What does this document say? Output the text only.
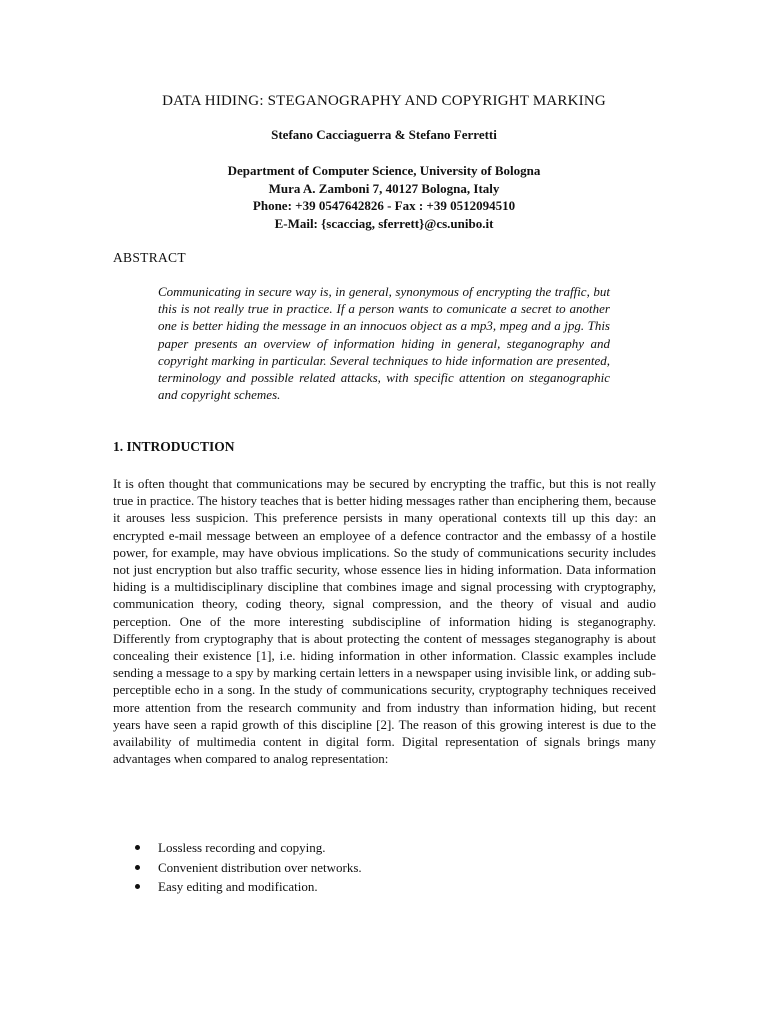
DATA HIDING: STEGANOGRAPHY AND COPYRIGHT MARKING

Stefano Cacciaguerra & Stefano Ferretti

Department of Computer Science, University of Bologna
Mura A. Zamboni 7, 40127 Bologna, Italy
Phone: +39 0547642826 - Fax : +39 0512094510
E-Mail: {scacciag, sferrett}@cs.unibo.it
ABSTRACT

Communicating in secure way is, in general, synonymous of encrypting the traffic, but this is not really true in practice. If a person wants to comunicate a secret to another one is better hiding the message in an innocuos object as a mp3, mpeg and a jpg. This paper presents an overview of information hiding in general, steganography and copyright marking in particular. Several techniques to hide information are presented, terminology and possible related attacks, with specific attention on steganographic and copyright schemes.

1. INTRODUCTION

It is often thought that communications may be secured by encrypting the traffic, but this is not really true in practice. The history teaches that is better hiding messages rather than enciphering them, because it arouses less suspicion. This preference persists in many operational contexts till up this day: an encrypted e-mail message between an employee of a defence contractor and the embassy of a hostile power, for example, may have obvious implications. So the study of communications security includes not just encryption but also traffic security, whose essence lies in hiding information. Data information hiding is a multidisciplinary discipline that combines image and signal processing with cryptography, communication theory, coding theory, signal compression, and the theory of visual and audio perception. One of the more interesting subdiscipline of information hiding is steganography. Differently from cryptography that is about protecting the content of messages steganography is about concealing their existence [1], i.e. hiding information in other information. Classic examples include sending a message to a spy by marking certain letters in a newspaper using invisible link, or adding sub-perceptible echo in a song. In the study of communications security, cryptography techniques received more attention from the research community and from industry than information hiding, but recent years have seen a rapid growth of this discipline [2]. The reason of this growing interest is due to the availability of multimedia content in digital form. Digital representation of signals brings many advantages when compared to analog representation:

Lossless recording and copying.
Convenient distribution over networks.
Easy editing and modification.
